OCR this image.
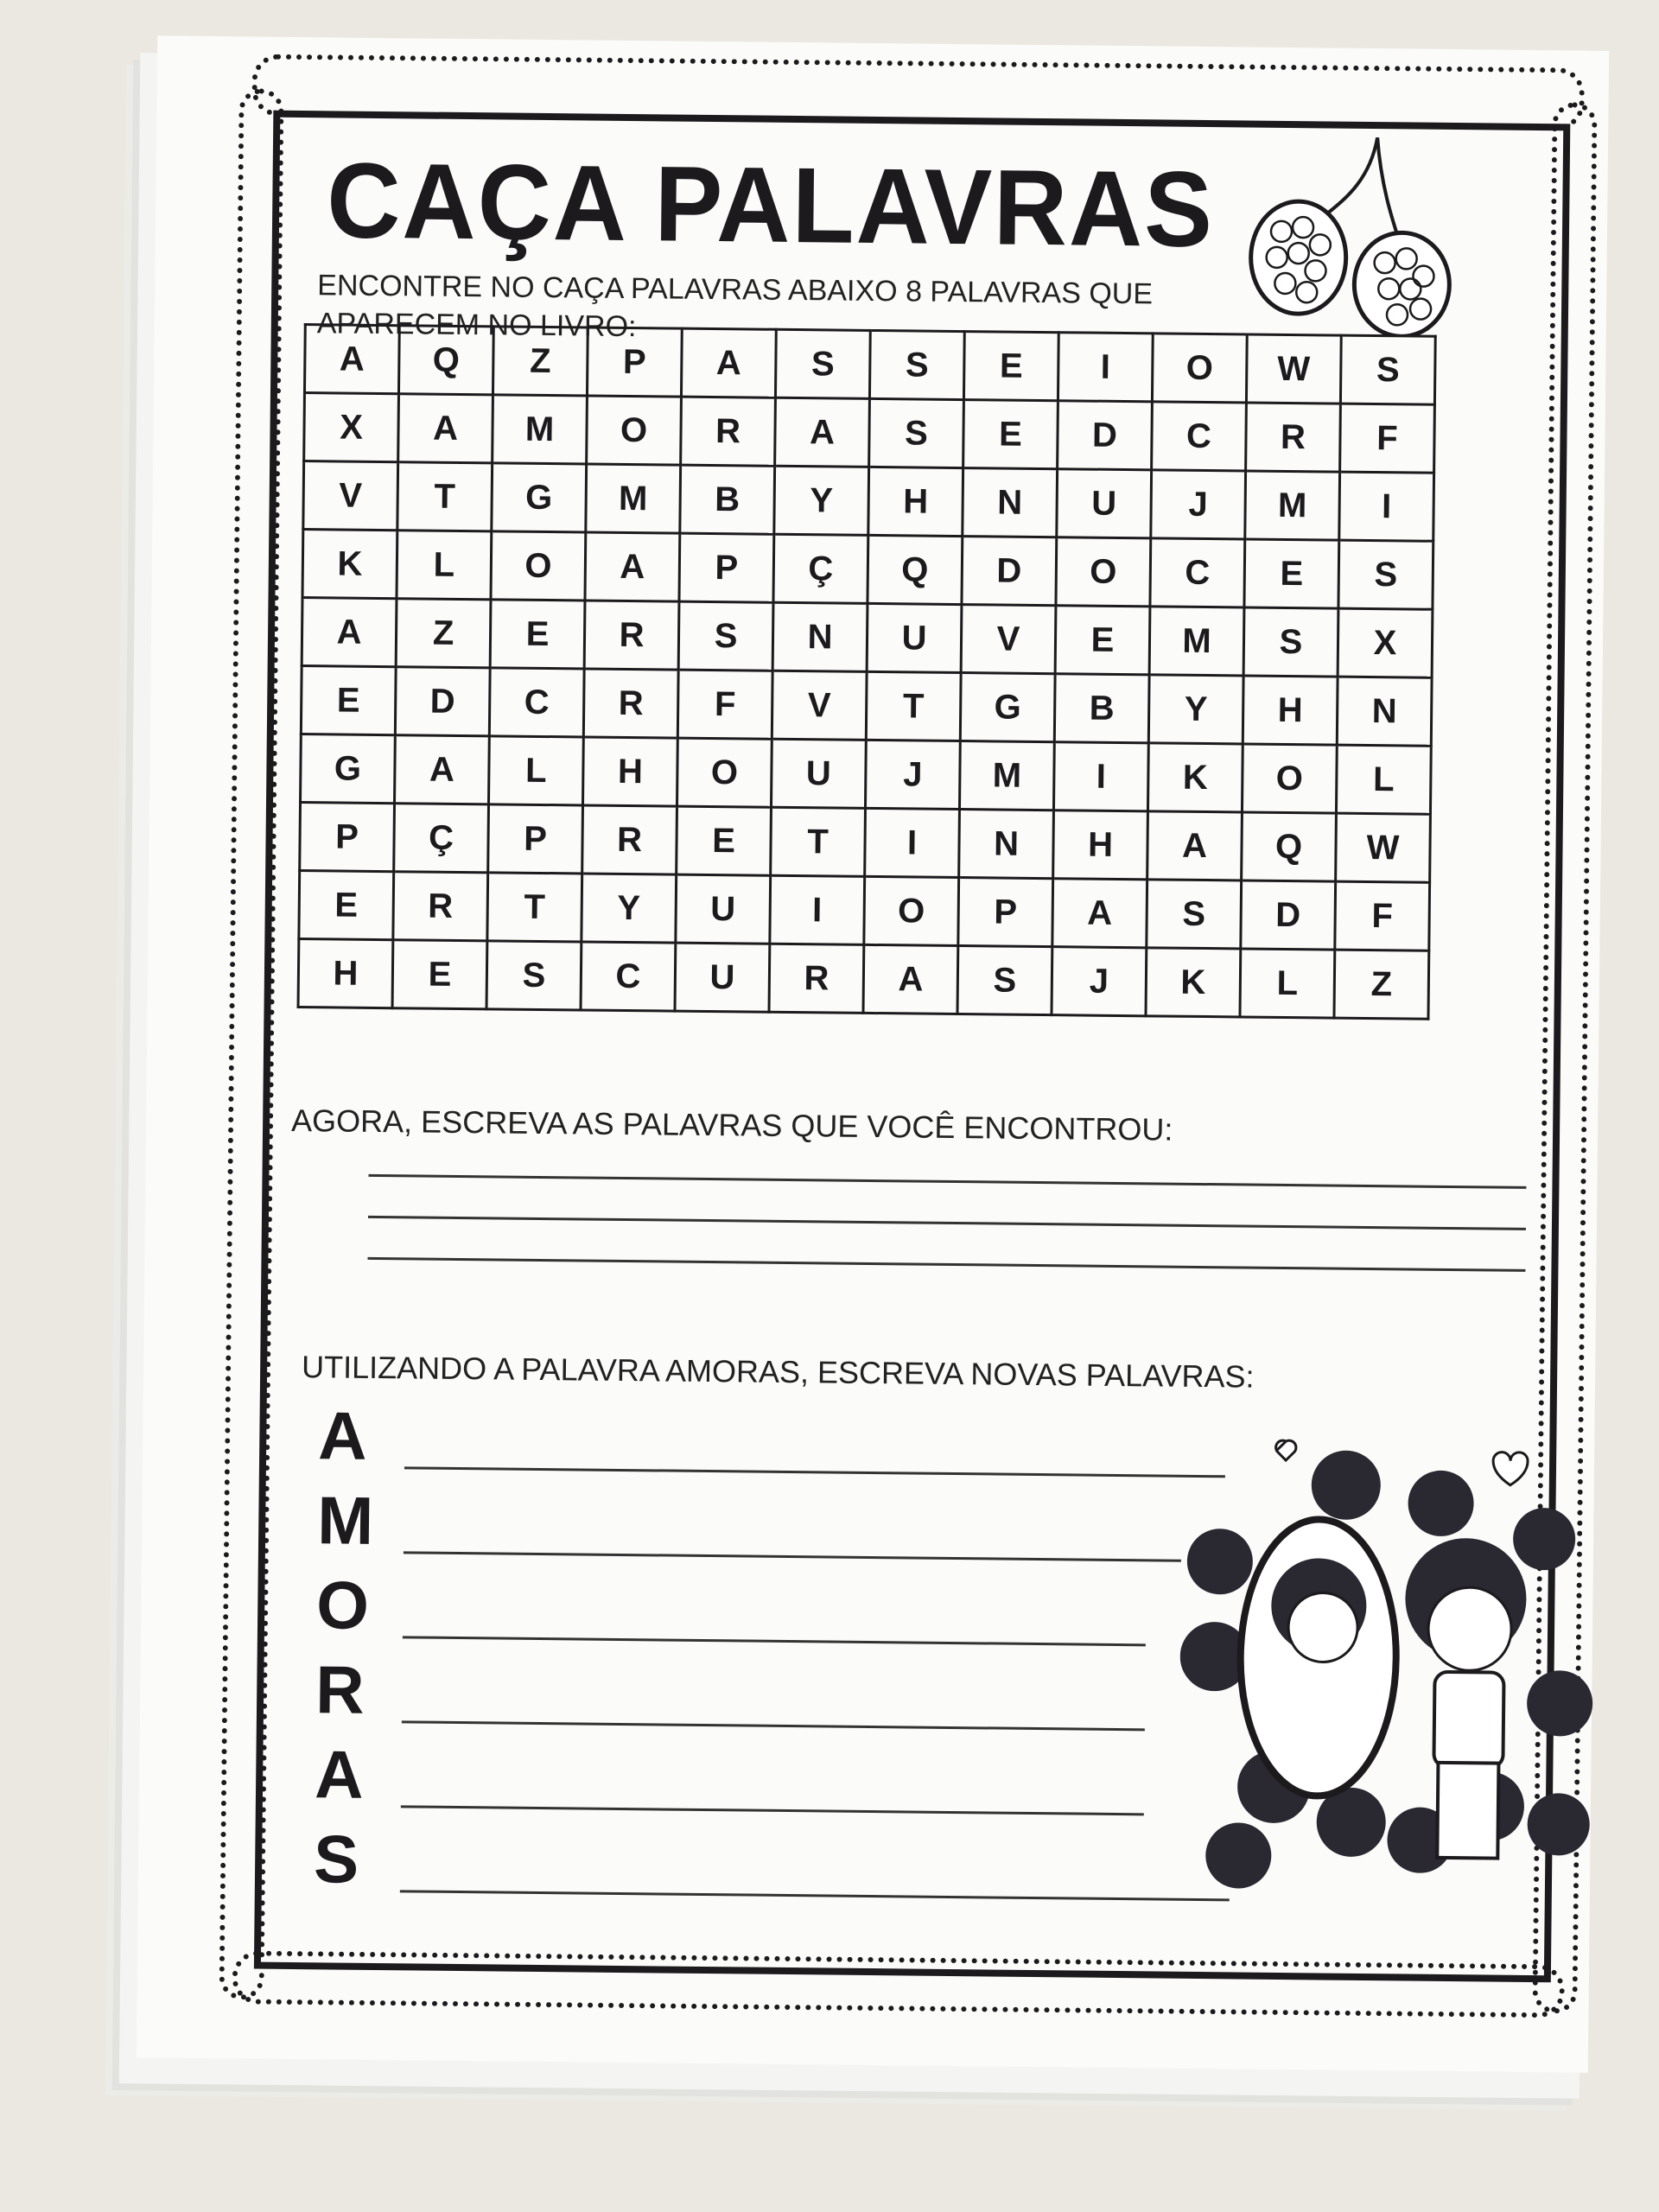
CAÇA PALAVRAS
ENCONTRE NO CAÇA PALAVRAS ABAIXO 8 PALAVRAS QUE APARECEM NO LIVRO:
A	Q	Z	P	A	S	S	E	I	O	W	S
X	A	M	O	R	A	S	E	D	C	R	F
V	T	G	M	B	Y	H	N	U	J	M	I
K	L	O	A	P	Ç	Q	D	O	C	E	S
A	Z	E	R	S	N	U	V	E	M	S	X
E	D	C	R	F	V	T	G	B	Y	H	N
G	A	L	H	O	U	J	M	I	K	O	L
P	Ç	P	R	E	T	I	N	H	A	Q	W
E	R	T	Y	U	I	O	P	A	S	D	F
H	E	S	C	U	R	A	S	J	K	L	Z
AGORA, ESCREVA AS PALAVRAS QUE VOCÊ ENCONTROU:
UTILIZANDO A PALAVRA AMORAS, ESCREVA NOVAS PALAVRAS:
A
M
O
R
A
S
